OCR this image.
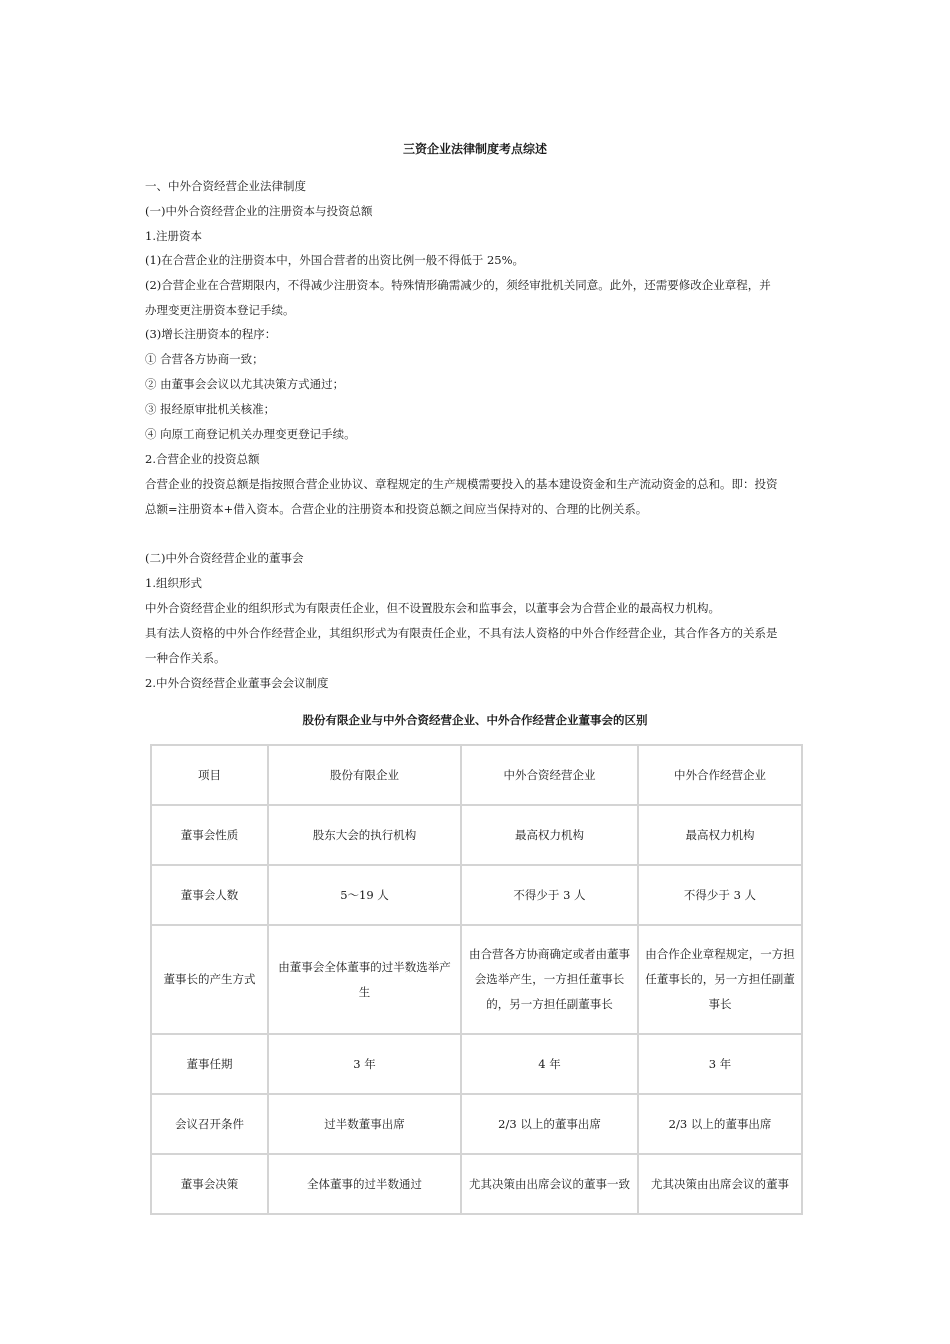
三资企业法律制度考点综述
一、中外合资经营企业法律制度
(一)中外合资经营企业的注册资本与投资总额
1.注册资本
(1)在合营企业的注册资本中，外国合营者的出资比例一般不得低于 25%。
(2)合营企业在合营期限内，不得减少注册资本。特殊情形确需减少的，须经审批机关同意。此外，还需要修改企业章程，并
办理变更注册资本登记手续。
(3)增长注册资本的程序：
① 合营各方协商一致；
② 由董事会会议以尤其决策方式通过；
③ 报经原审批机关核准；
④ 向原工商登记机关办理变更登记手续。
2.合营企业的投资总额
合营企业的投资总额是指按照合营企业协议、章程规定的生产规模需要投入的基本建设资金和生产流动资金的总和。即：投资
总额=注册资本+借入资本。合营企业的注册资本和投资总额之间应当保持对的、合理的比例关系。
(二)中外合资经营企业的董事会
1.组织形式
中外合资经营企业的组织形式为有限责任企业，但不设置股东会和监事会，以董事会为合营企业的最高权力机构。
具有法人资格的中外合作经营企业，其组织形式为有限责任企业，不具有法人资格的中外合作经营企业，其合作各方的关系是
一种合作关系。
2.中外合资经营企业董事会会议制度
股份有限企业与中外合资经营企业、中外合作经营企业董事会的区别
项目	股份有限企业	中外合资经营企业	中外合作经营企业
董事会性质	股东大会的执行机构	最高权力机构	最高权力机构
董事会人数	5～19 人	不得少于 3 人	不得少于 3 人
董事长的产生方式	由董事会全体董事的过半数选举产生	由合营各方协商确定或者由董事会选举产生，一方担任董事长的，另一方担任副董事长	由合作企业章程规定，一方担任董事长的，另一方担任副董事长
董事任期	3 年	4 年	3 年
会议召开条件	过半数董事出席	2/3 以上的董事出席	2/3 以上的董事出席
董事会决策	全体董事的过半数通过	尤其决策由出席会议的董事一致	尤其决策由出席会议的董事
